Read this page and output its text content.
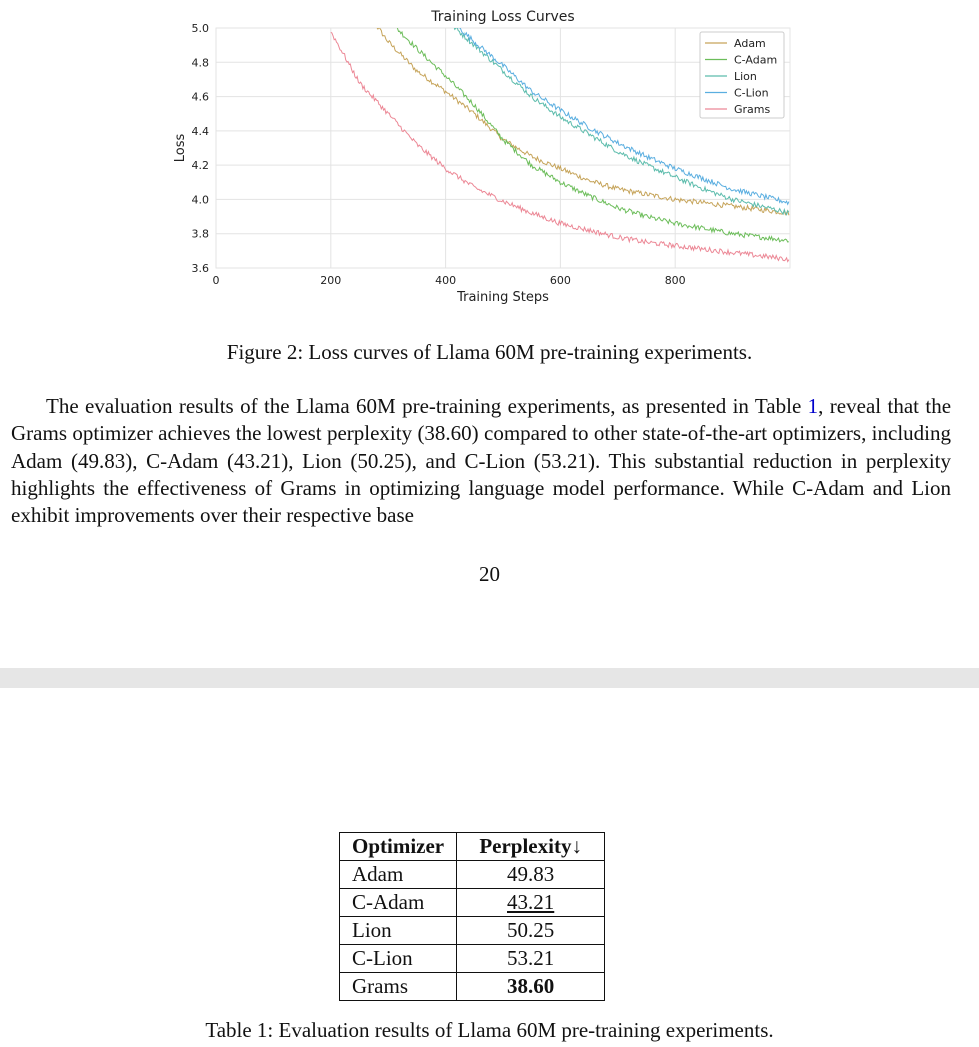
Training Loss Curves
3.6
3.8
4.0
4.2
4.4
4.6
4.8
5.0
0	200	400	600	800
Training Steps
Loss
Adam
C-Adam
Lion
C-Lion
Grams
Figure 2: Loss curves of Llama 60M pre-training experiments.

The evaluation results of the Llama 60M pre-training experiments, as presented in Table 1, reveal that the Grams optimizer achieves the lowest perplexity (38.60) compared to other state-of-the-art optimizers, including Adam (49.83), C-Adam (43.21), Lion (50.25), and C-Lion (53.21). This substantial reduction in perplexity highlights the effectiveness of Grams in optimizing language model performance. While C-Adam and Lion exhibit improvements over their respective base

20
Optimizer	Perplexity↓
Adam	49.83
C-Adam	43.21
Lion	50.25
C-Lion	53.21
Grams	38.60
Table 1: Evaluation results of Llama 60M pre-training experiments.
